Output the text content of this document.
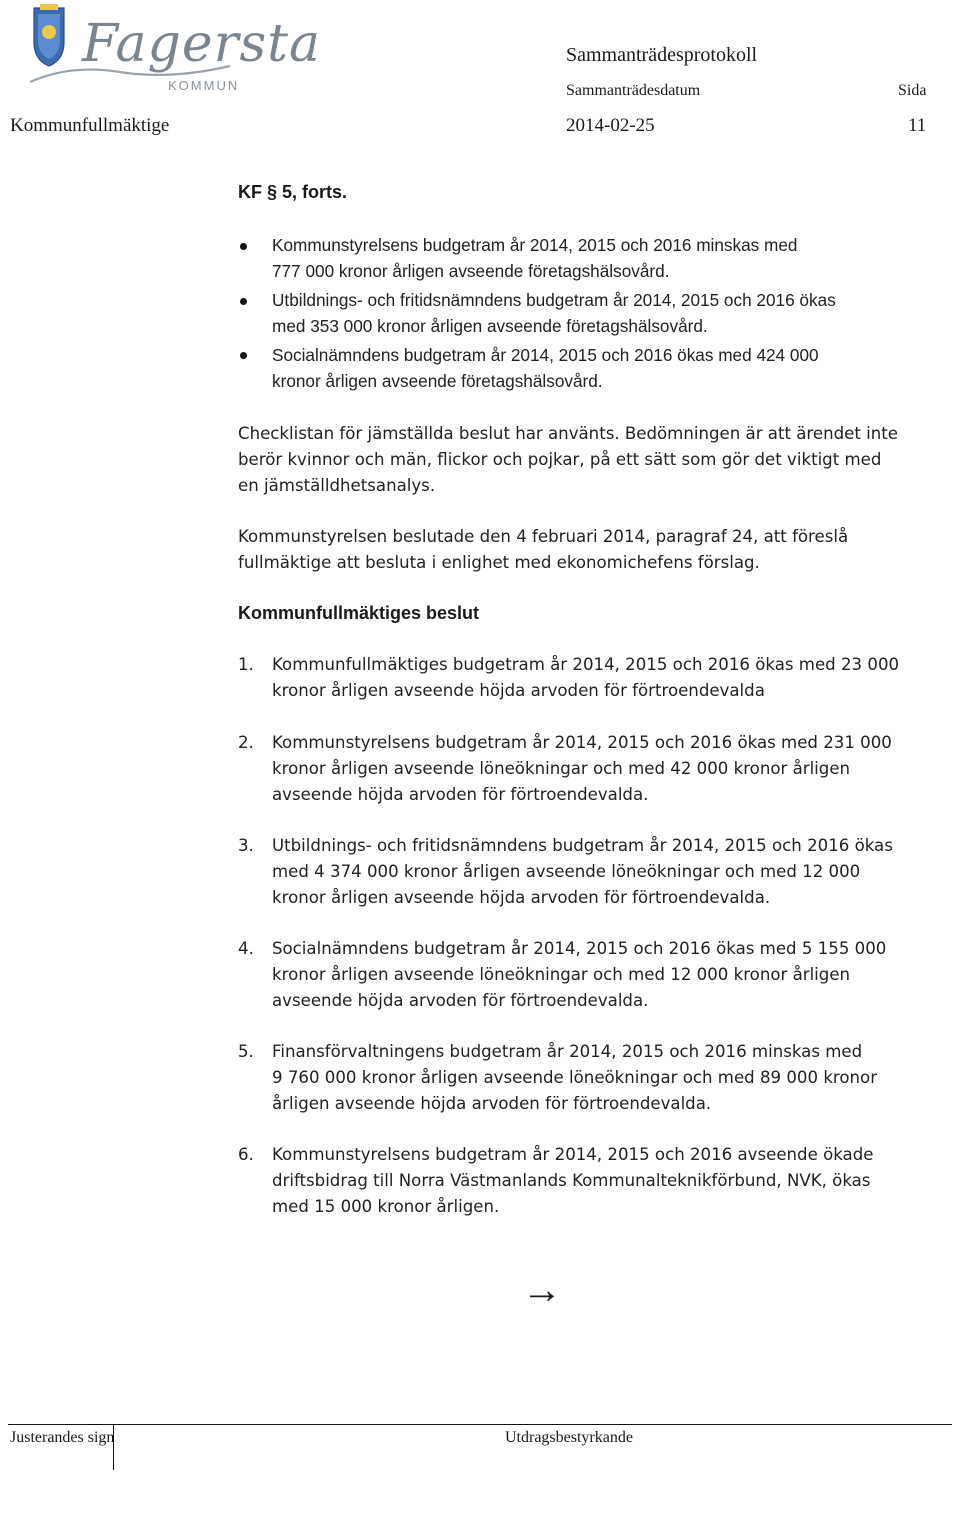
Fagersta
KOMMUN
Sammanträdesprotokoll
Sammanträdesdatum	Sida
Kommunfullmäktige	2014-02-25	11
KF § 5, forts.
Kommunstyrelsens budgetram år 2014, 2015 och 2016 minskas med
777 000 kronor årligen avseende företagshälsovård.
Utbildnings- och fritidsnämndens budgetram år 2014, 2015 och 2016 ökas
med 353 000 kronor årligen avseende företagshälsovård.
Socialnämndens budgetram år 2014, 2015 och 2016 ökas med 424 000
kronor årligen avseende företagshälsovård.
Checklistan för jämställda beslut har använts. Bedömningen är att ärendet inte
berör kvinnor och män, flickor och pojkar, på ett sätt som gör det viktigt med
en jämställdhetsanalys.
Kommunstyrelsen beslutade den 4 februari 2014, paragraf 24, att föreslå
fullmäktige att besluta i enlighet med ekonomichefens förslag.
Kommunfullmäktiges beslut
1. Kommunfullmäktiges budgetram år 2014, 2015 och 2016 ökas med 23 000
kronor årligen avseende höjda arvoden för förtroendevalda
2. Kommunstyrelsens budgetram år 2014, 2015 och 2016 ökas med 231 000
kronor årligen avseende löneökningar och med 42 000 kronor årligen
avseende höjda arvoden för förtroendevalda.
3. Utbildnings- och fritidsnämndens budgetram år 2014, 2015 och 2016 ökas
med 4 374 000 kronor årligen avseende löneökningar och med 12 000
kronor årligen avseende höjda arvoden för förtroendevalda.
4. Socialnämndens budgetram år 2014, 2015 och 2016 ökas med 5 155 000
kronor årligen avseende löneökningar och med 12 000 kronor årligen
avseende höjda arvoden för förtroendevalda.
5. Finansförvaltningens budgetram år 2014, 2015 och 2016 minskas med
9 760 000 kronor årligen avseende löneökningar och med 89 000 kronor
årligen avseende höjda arvoden för förtroendevalda.
6. Kommunstyrelsens budgetram år 2014, 2015 och 2016 avseende ökade
driftsbidrag till Norra Västmanlands Kommunalteknikförbund, NVK, ökas
med 15 000 kronor årligen.
→
Justerandes sign	Utdragsbestyrkande
